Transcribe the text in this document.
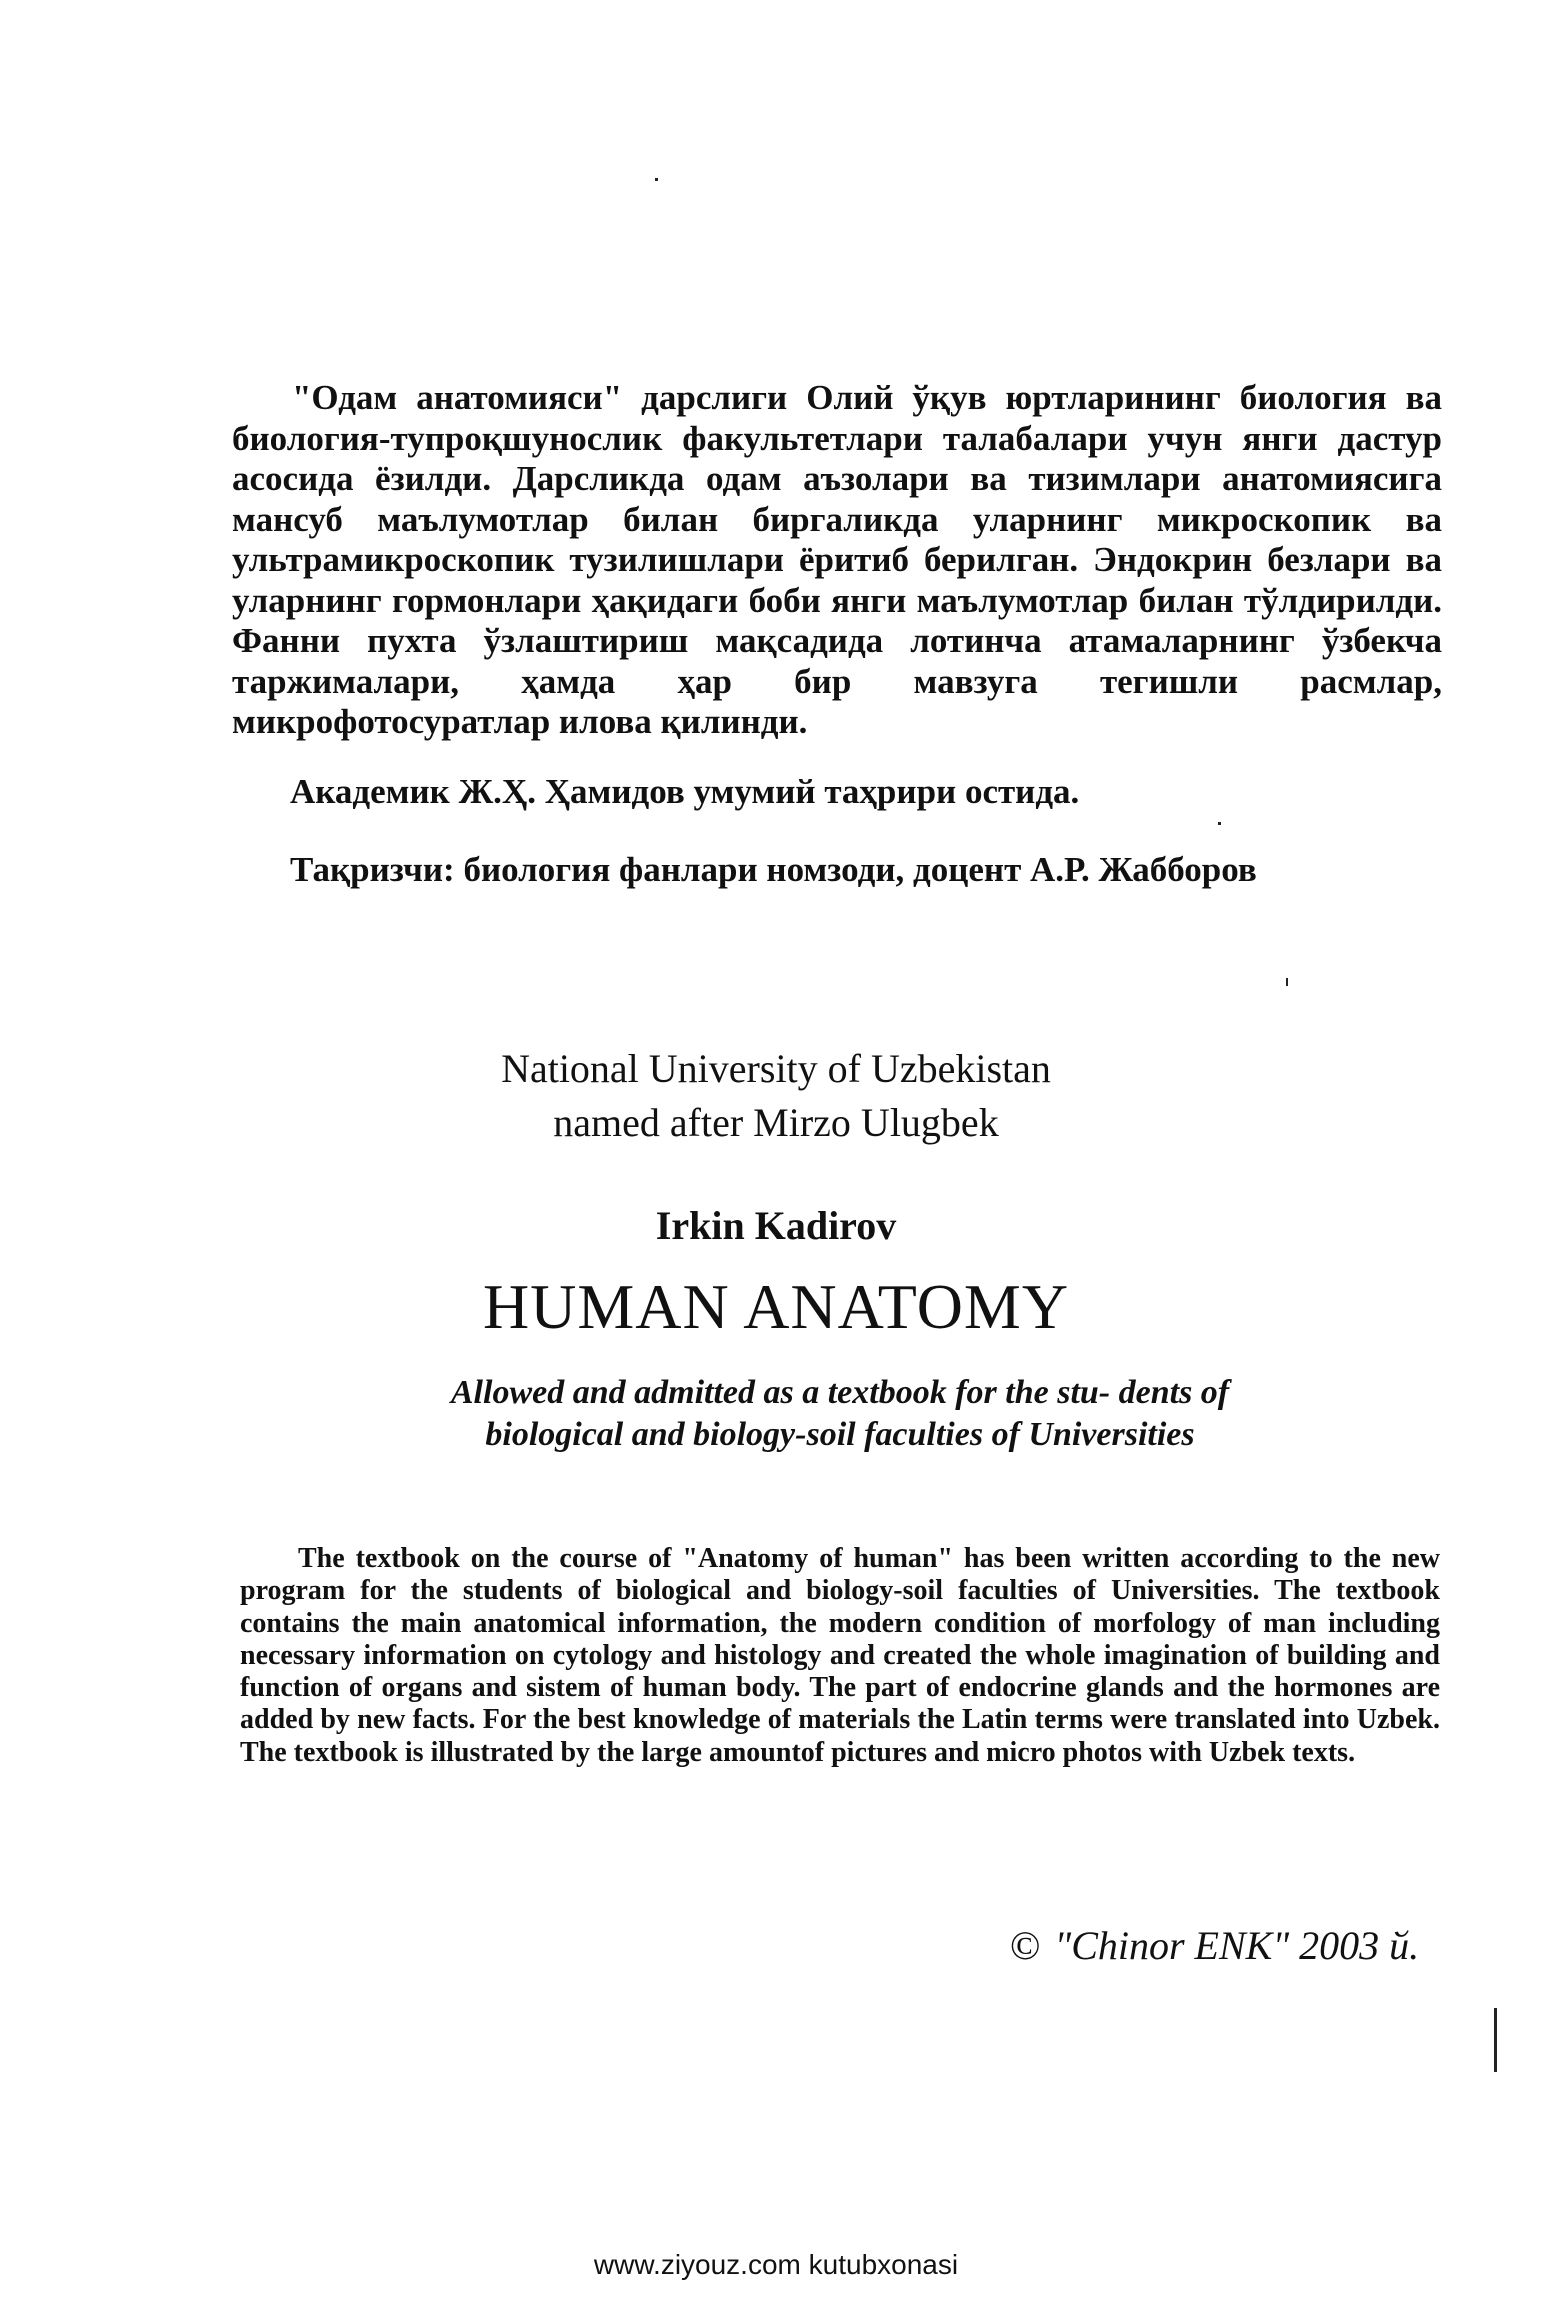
"Одам анатомияси" дарслиги Олий ўқув юртларининг биология ва биология-тупроқшунослик факультетлари талабалари учун янги дастур асосида ёзилди. Дарсликда одам аъзолари ва тизимлари анатомиясига мансуб маълумотлар билан биргаликда уларнинг микроскопик ва ультрамикроскопик тузилишлари ёритиб берилган. Эндокрин безлари ва уларнинг гормонлари ҳақидаги боби янги маълумотлар билан тўлдирилди. Фанни пухта ўзлаштириш мақсадида лотинча атамаларнинг ўзбекча таржималари, ҳамда ҳар бир мавзуга тегишли расмлар, микрофотосуратлар илова қилинди.

Академик Ж.Ҳ. Ҳамидов умумий таҳрири остида.
Тақризчи: биология фанлари номзоди, доцент А.Р. Жабборов
National University of Uzbekistan
named after Mirzo Ulugbek
Irkin Kadirov
HUMAN ANATOMY
Allowed and admitted as a textbook for the stu- dents of biological and biology-soil faculties of Universities

The textbook on the course of "Anatomy of human" has been written according to the new program for the students of biological and biology-soil faculties of Universities. The textbook contains the main anatomical information, the modern condition of morfology of man including necessary information on cytology and histology and created the whole imagination of building and function of organs and sistem of human body. The part of endocrine glands and the hormones are added by new facts. For the best knowledge of materials the Latin terms were translated into Uzbek. The textbook is illustrated by the large amountof pictures and micro photos with Uzbek texts.

© "Chinor ENK" 2003 й.
www.ziyouz.com kutubxonasi
